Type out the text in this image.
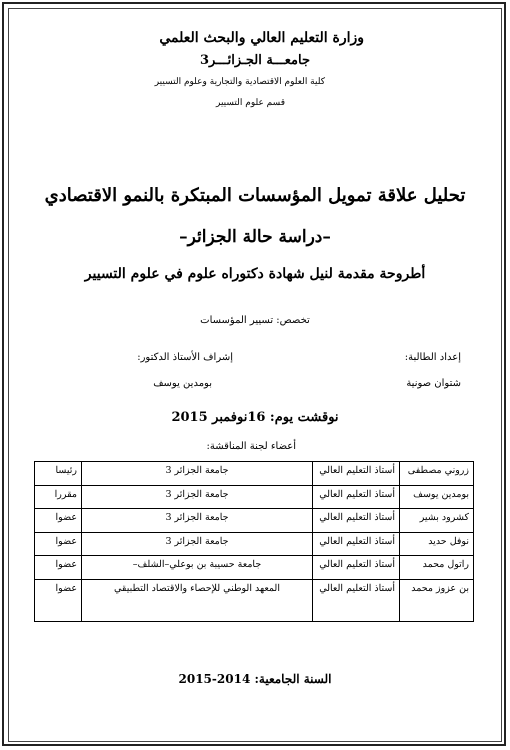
وزارة التعليم العالي والبحث العلمي
جامعـــة الجـزائـــر3
كلية العلوم الاقتصادية والتجارية وعلوم التسيير
قسم علوم التسيير
تحليل علاقة تمويل المؤسسات المبتكرة بالنمو الاقتصادي
–دراسة حالة الجزائر–
أطروحة مقدمة لنيل شهادة دكتوراه علوم في علوم التسيير
تخصص: تسيير المؤسسات
إعداد الطالبة:
شتوان صونية
إشراف الأستاذ الدكتور:
بومدين يوسف
نوقشت يوم: 16نوفمبر 2015
أعضاء لجنة المناقشة:
زروني مصطفى	أستاذ التعليم العالي	جامعة الجزائر 3	رئيسا
بومدين يوسف	أستاذ التعليم العالي	جامعة الجزائر 3	مقررا
كشرود بشير	أستاذ التعليم العالي	جامعة الجزائر 3	عضوا
نوفل حديد	أستاذ التعليم العالي	جامعة الجزائر 3	عضوا
راتول محمد	أستاذ التعليم العالي	جامعة حسيبة بن بوعلي–الشلف–	عضوا
بن عزوز محمد	أستاذ التعليم العالي	المعهد الوطني للإحصاء والاقتصاد التطبيقي	عضوا
السنة الجامعية: 2014-2015
